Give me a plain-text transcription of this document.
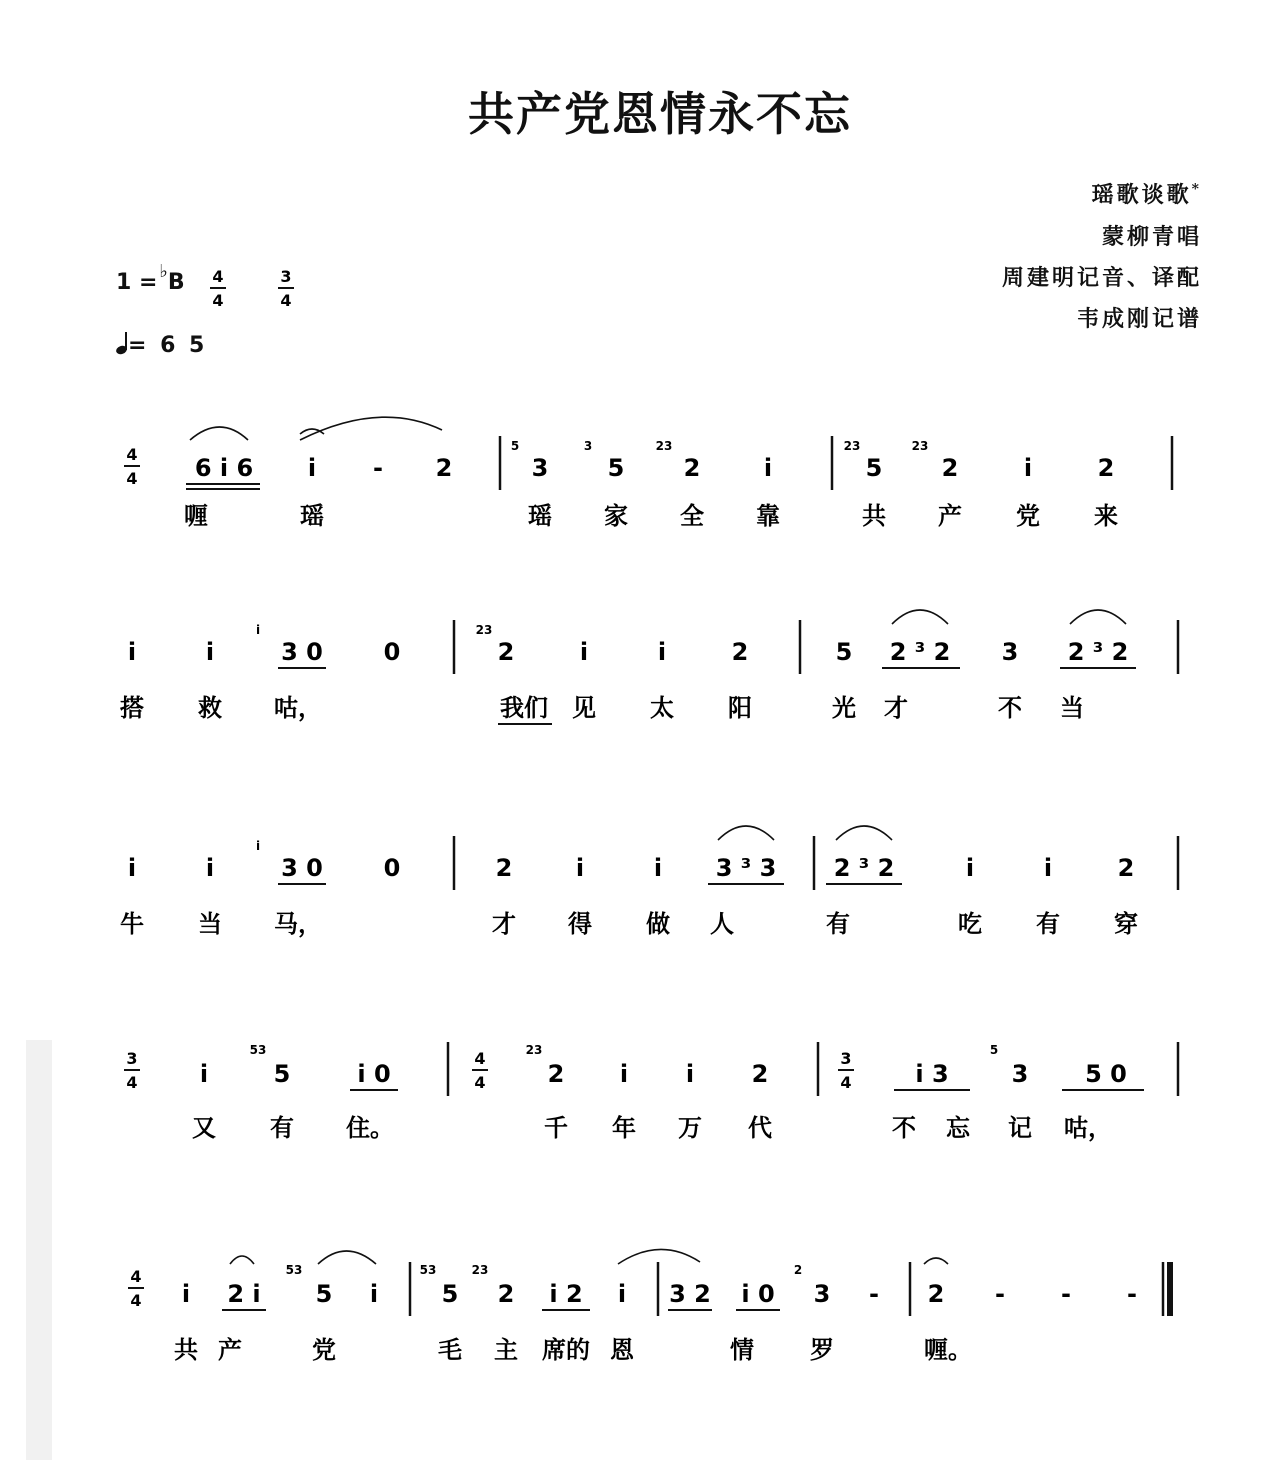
共产党恩情永不忘
瑶歌谈歌*
蒙柳青唱
周建明记音、译配
韦成刚记谱
1 = ♭B 4
4
3
4
= 6 5
4
4 6 i 6 i - 2
5
3
3
5
23
2	i
23
5
23
2	i	2
喱	瑶	瑶 家 全 靠	共 产 党 来
i	i
i
3 0	0
23
2	i	i	2	5 2 ³ 2 3 2 ³ 2
搭 救 咕，	我们 见 太 阳	光 才	不 当
i	i
i
3 0	0	2	i	i 3 ³ 3 2 ³ 2	i	i	2
牛 当 马，	才 得 做 人	有	吃 有 穿
3
4	i
53
5	i 0
4
4
23
2 i i 2
3
4	i 3
5
3 5 0
又 有 住。	千 年 万 代	不 忘 记 咕，
4
4 i 2 i
53
5 i
53
5
23
2 i 2 i 3 2 i 0
2
3 - 2 - - -
共 产	党	毛 主 席的 恩	情 罗	喱。
